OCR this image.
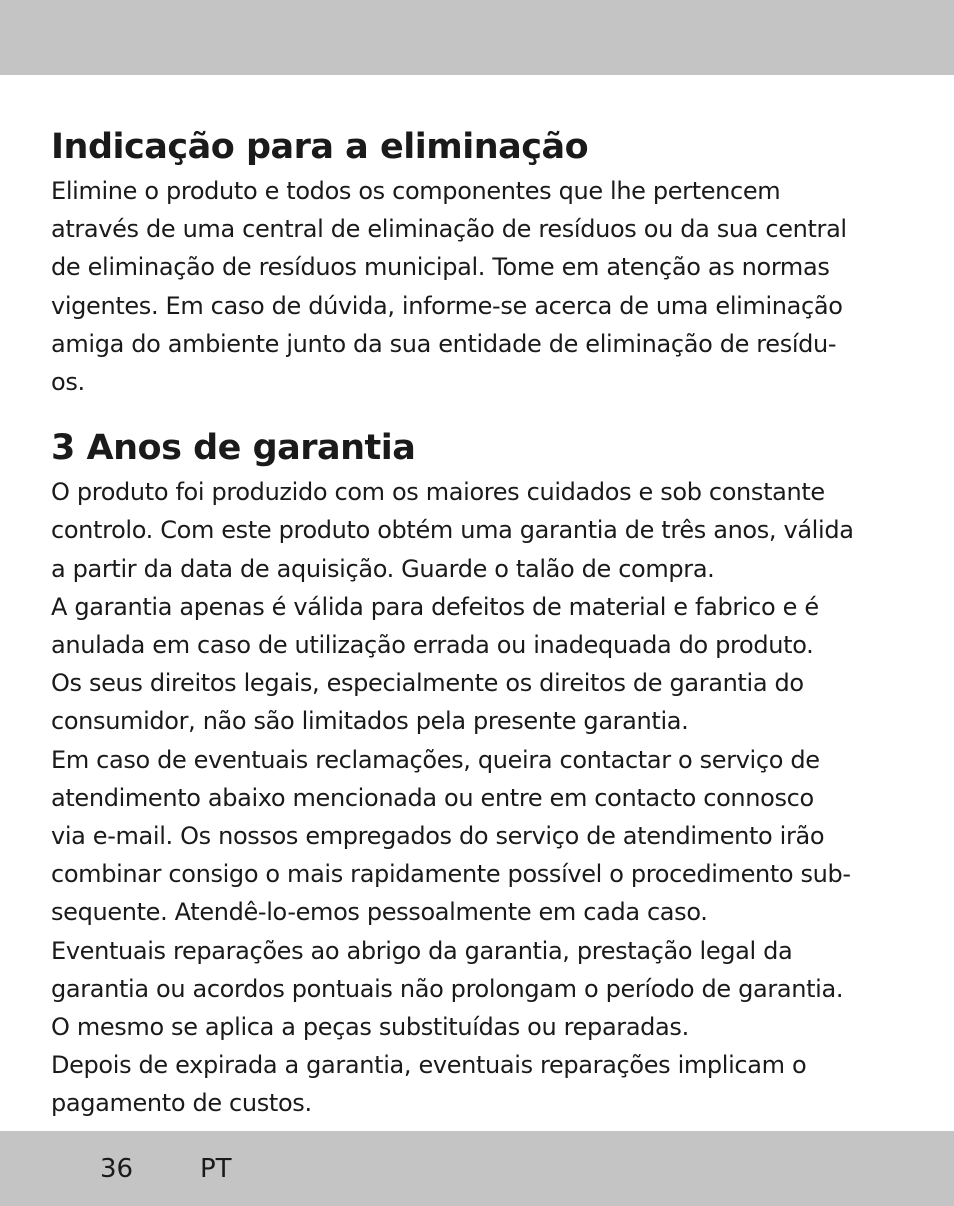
Indicação para a eliminação
Elimine o produto e todos os componentes que lhe pertencem
através de uma central de eliminação de resíduos ou da sua central
de eliminação de resíduos municipal. Tome em atenção as normas
vigentes. Em caso de dúvida, informe-se acerca de uma eliminação
amiga do ambiente junto da sua entidade de eliminação de resídu-
os.
3 Anos de garantia
O produto foi produzido com os maiores cuidados e sob constante
controlo. Com este produto obtém uma garantia de três anos, válida
a partir da data de aquisição. Guarde o talão de compra.
A garantia apenas é válida para defeitos de material e fabrico e é
anulada em caso de utilização errada ou inadequada do produto.
Os seus direitos legais, especialmente os direitos de garantia do
consumidor, não são limitados pela presente garantia.
Em caso de eventuais reclamações, queira contactar o serviço de
atendimento abaixo mencionada ou entre em contacto connosco
via e-mail. Os nossos empregados do serviço de atendimento irão
combinar consigo o mais rapidamente possível o procedimento sub-
sequente. Atendê-lo-emos pessoalmente em cada caso.
Eventuais reparações ao abrigo da garantia, prestação legal da
garantia ou acordos pontuais não prolongam o período de garantia.
O mesmo se aplica a peças substituídas ou reparadas.
Depois de expirada a garantia, eventuais reparações implicam o
pagamento de custos.
36	PT
